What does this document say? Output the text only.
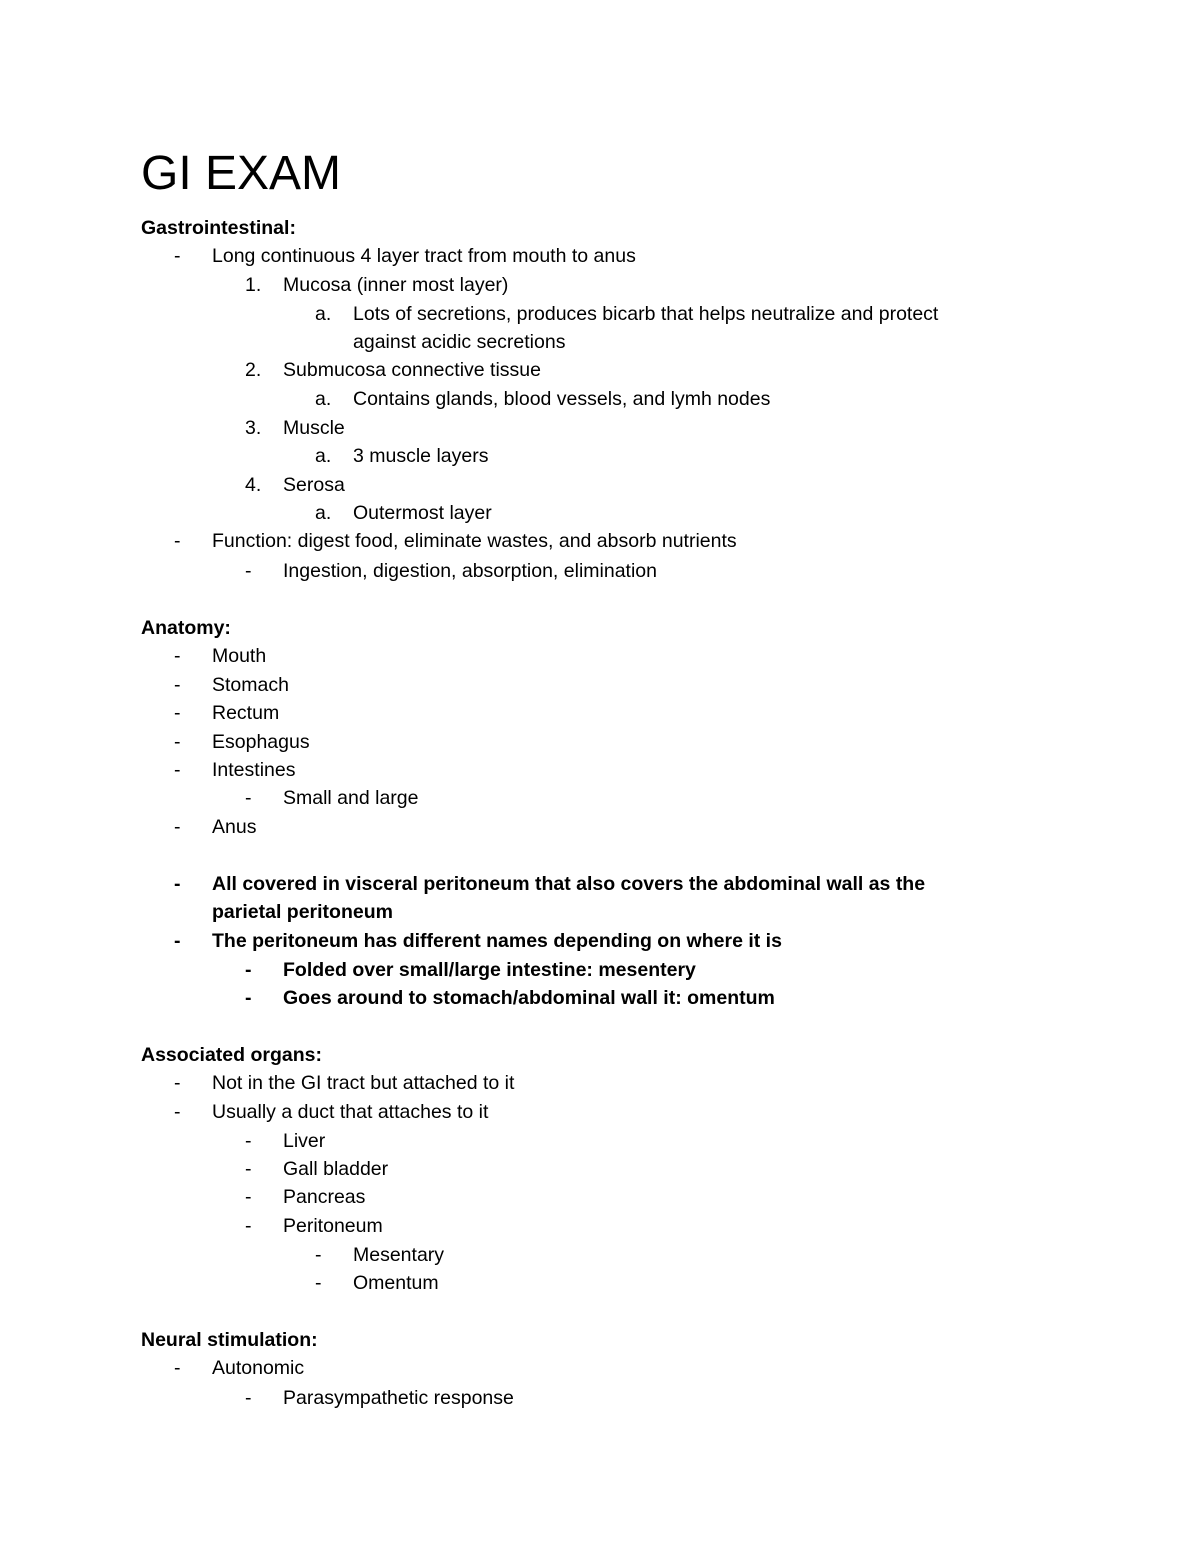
GI EXAM
Gastrointestinal:
- Long continuous 4 layer tract from mouth to anus
1. Mucosa (inner most layer)
a. Lots of secretions, produces bicarb that helps neutralize and protect
against acidic secretions
2. Submucosa connective tissue
a. Contains glands, blood vessels, and lymh nodes
3. Muscle
a. 3 muscle layers
4. Serosa
a. Outermost layer
- Function: digest food, eliminate wastes, and absorb nutrients
- Ingestion, digestion, absorption, elimination
Anatomy:
- Mouth
- Stomach
- Rectum
- Esophagus
- Intestines
- Small and large
- Anus
- All covered in visceral peritoneum that also covers the abdominal wall as the
parietal peritoneum
- The peritoneum has different names depending on where it is
- Folded over small/large intestine: mesentery
- Goes around to stomach/abdominal wall it: omentum
Associated organs:
- Not in the GI tract but attached to it
- Usually a duct that attaches to it
- Liver
- Gall bladder
- Pancreas
- Peritoneum
- Mesentary
- Omentum
Neural stimulation:
- Autonomic
- Parasympathetic response
